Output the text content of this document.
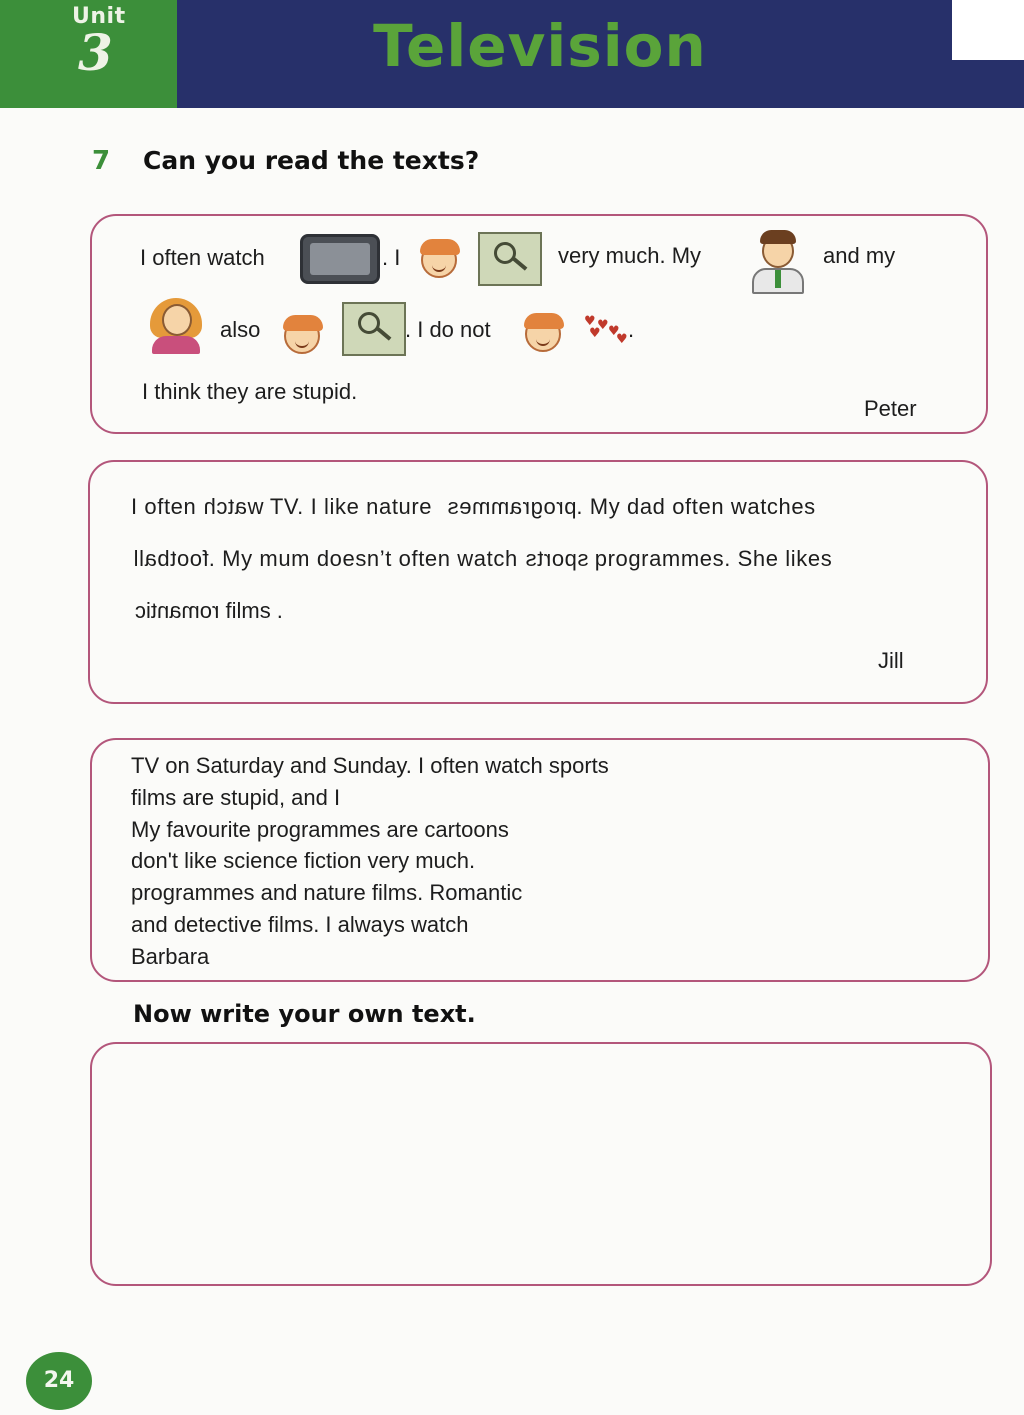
Unit
3	Television
7 Can you read the texts?
I often watch	. I	very much. My	and my
also	. I do not	♥ ♥
♥ ♥
♥ .
I think they are stupid.
Peter
I often watch TV. I like nature programmes. My dad often watches
football. My mum doesn’t often watch sports programmes. She likes
romantic films .
Jill
TV on Saturday and Sunday. I often watch sports
films are stupid, and I
My favourite programmes are cartoons
don't like science fiction very much.
programmes and nature films. Romantic
and detective films. I always watch
Barbara
Now write your own text.
24
